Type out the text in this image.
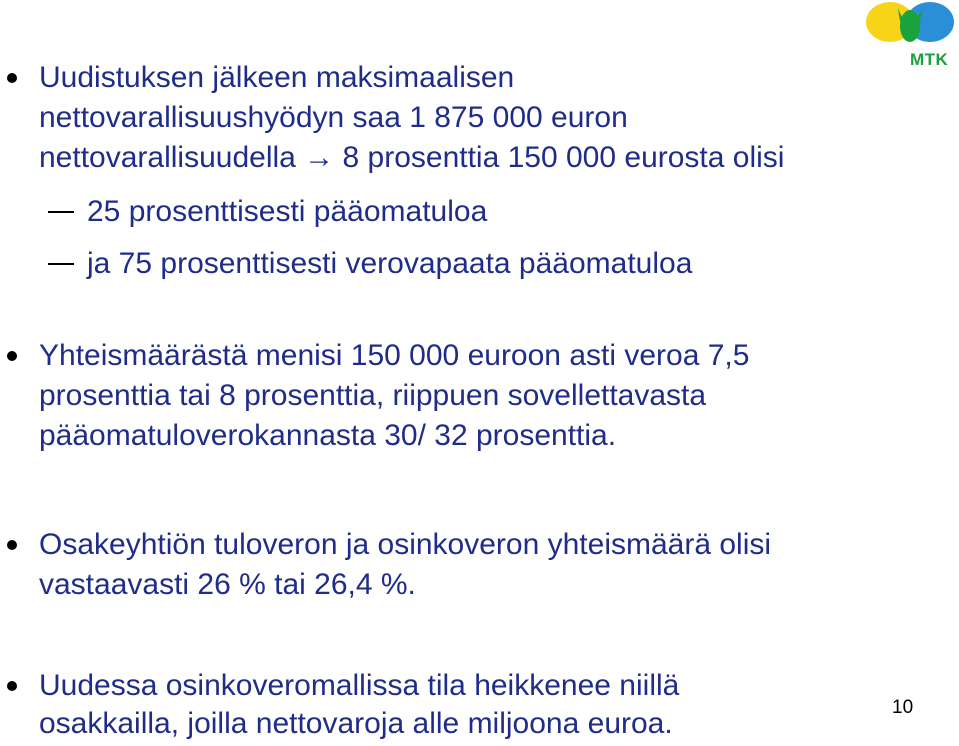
MTK
Uudistuksen jälkeen maksimaalisen
nettovarallisuushyödyn saa 1 875 000 euron
nettovarallisuudella → 8 prosenttia 150 000 eurosta olisi
25 prosenttisesti pääomatuloa
ja 75 prosenttisesti verovapaata pääomatuloa
Yhteismäärästä menisi 150 000 euroon asti veroa 7,5
prosenttia tai 8 prosenttia, riippuen sovellettavasta
pääomatuloverokannasta 30/ 32 prosenttia.
Osakeyhtiön tuloveron ja osinkoveron yhteismäärä olisi
vastaavasti 26 % tai 26,4 %.
Uudessa osinkoveromallissa tila heikkenee niillä
osakkailla, joilla nettovaroja alle miljoona euroa.	10
